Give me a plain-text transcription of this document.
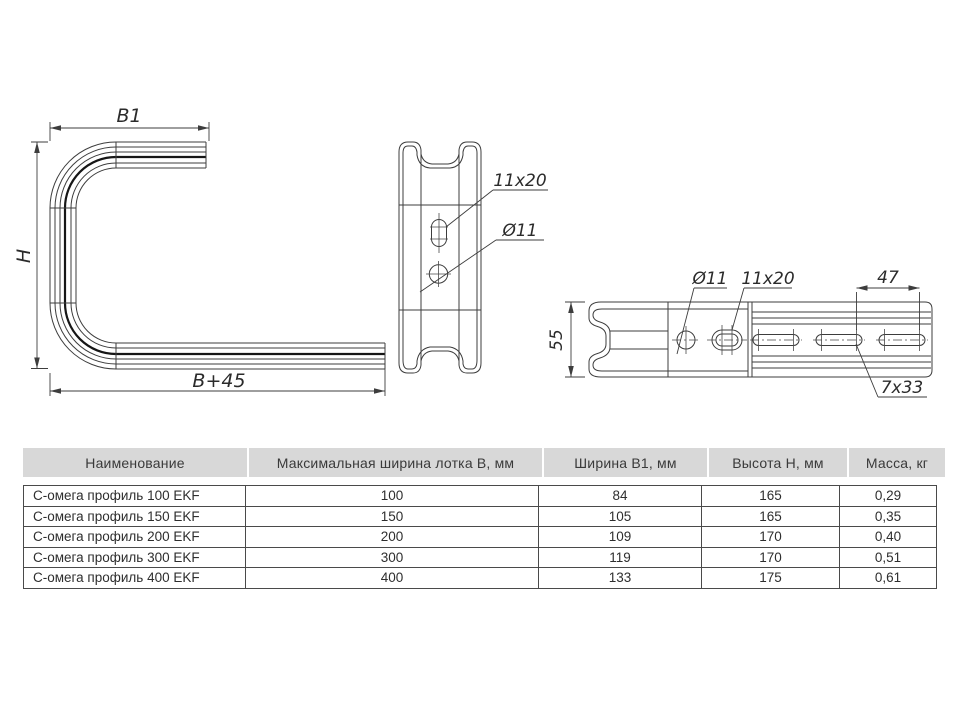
B1
H
B+45
11x20
Ø11
55
47
Ø11 11x20
7x33
Наименование	Максимальная ширина лотка B, мм	Ширина B1, мм	Высота H, мм	Масса, кг
С-омега профиль 100 EKF	100	84	165	0,29
С-омега профиль 150 EKF	150	105	165	0,35
С-омега профиль 200 EKF	200	109	170	0,40
С-омега профиль 300 EKF	300	119	170	0,51
С-омега профиль 400 EKF	400	133	175	0,61
